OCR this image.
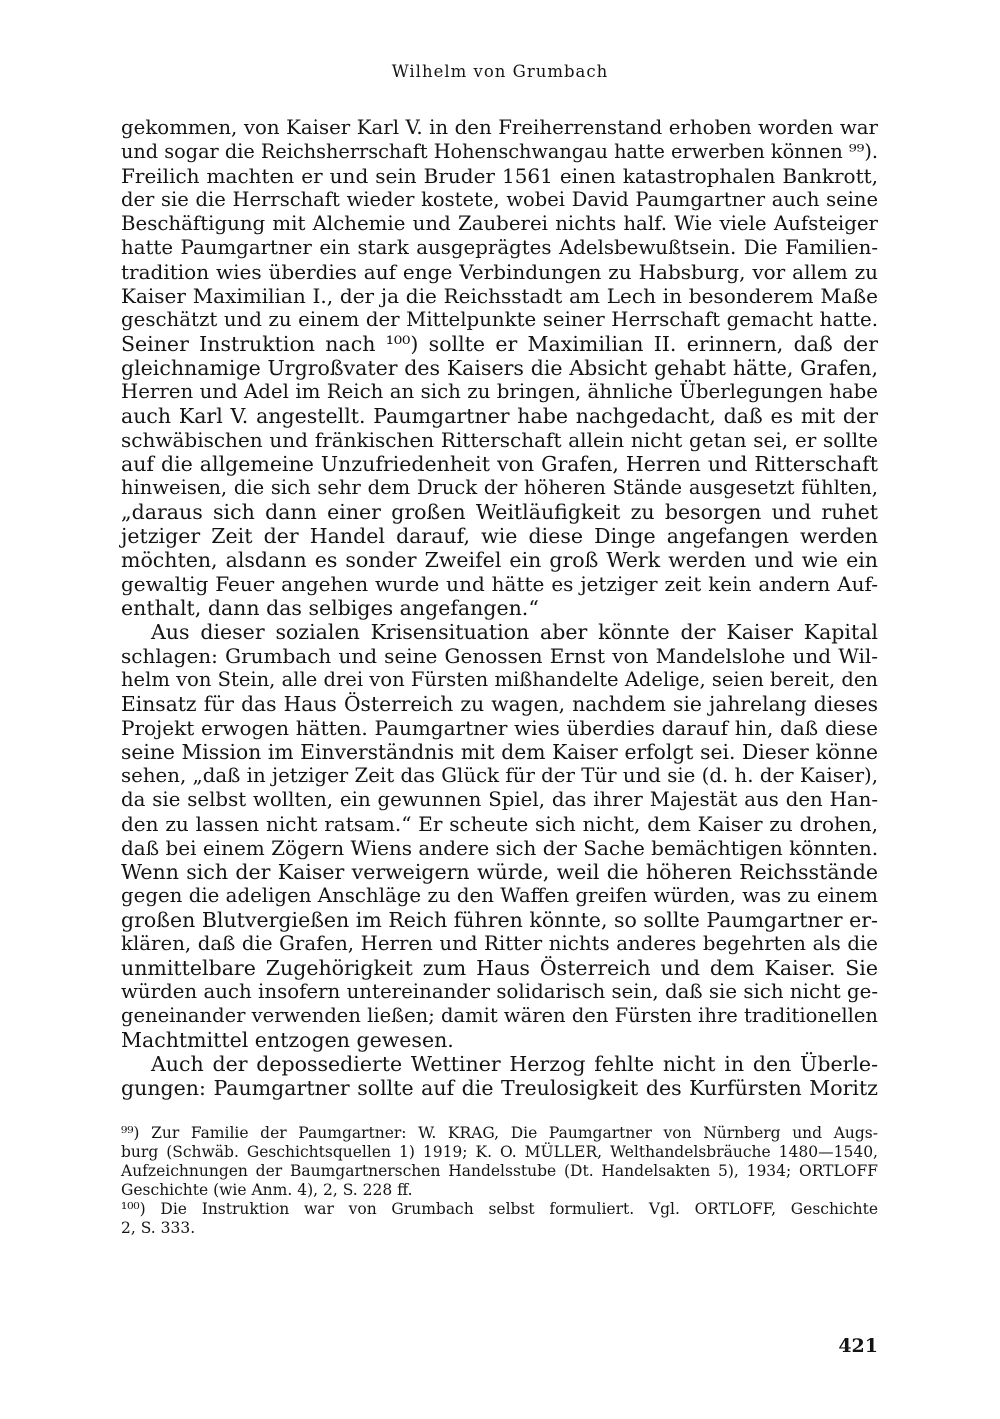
Wilhelm von Grumbach
gekommen, von Kaiser Karl V. in den Freiherrenstand erhoben worden war
und sogar die Reichsherrschaft Hohenschwangau hatte erwerben können ⁹⁹).
Freilich machten er und sein Bruder 1561 einen katastrophalen Bankrott,
der sie die Herrschaft wieder kostete, wobei David Paumgartner auch seine
Beschäftigung mit Alchemie und Zauberei nichts half. Wie viele Aufsteiger
hatte Paumgartner ein stark ausgeprägtes Adelsbewußtsein. Die Familien-
tradition wies überdies auf enge Verbindungen zu Habsburg, vor allem zu
Kaiser Maximilian I., der ja die Reichsstadt am Lech in besonderem Maße
geschätzt und zu einem der Mittelpunkte seiner Herrschaft gemacht hatte.
Seiner Instruktion nach ¹⁰⁰) sollte er Maximilian II. erinnern, daß der
gleichnamige Urgroßvater des Kaisers die Absicht gehabt hätte, Grafen,
Herren und Adel im Reich an sich zu bringen, ähnliche Überlegungen habe
auch Karl V. angestellt. Paumgartner habe nachgedacht, daß es mit der
schwäbischen und fränkischen Ritterschaft allein nicht getan sei, er sollte
auf die allgemeine Unzufriedenheit von Grafen, Herren und Ritterschaft
hinweisen, die sich sehr dem Druck der höheren Stände ausgesetzt fühlten,
„daraus sich dann einer großen Weitläufigkeit zu besorgen und ruhet
jetziger Zeit der Handel darauf, wie diese Dinge angefangen werden
möchten, alsdann es sonder Zweifel ein groß Werk werden und wie ein
gewaltig Feuer angehen wurde und hätte es jetziger zeit kein andern Auf-
enthalt, dann das selbiges angefangen.“
Aus dieser sozialen Krisensituation aber könnte der Kaiser Kapital
schlagen: Grumbach und seine Genossen Ernst von Mandelslohe und Wil-
helm von Stein, alle drei von Fürsten mißhandelte Adelige, seien bereit, den
Einsatz für das Haus Österreich zu wagen, nachdem sie jahrelang dieses
Projekt erwogen hätten. Paumgartner wies überdies darauf hin, daß diese
seine Mission im Einverständnis mit dem Kaiser erfolgt sei. Dieser könne
sehen, „daß in jetziger Zeit das Glück für der Tür und sie (d. h. der Kaiser),
da sie selbst wollten, ein gewunnen Spiel, das ihrer Majestät aus den Han-
den zu lassen nicht ratsam.“ Er scheute sich nicht, dem Kaiser zu drohen,
daß bei einem Zögern Wiens andere sich der Sache bemächtigen könnten.
Wenn sich der Kaiser verweigern würde, weil die höheren Reichsstände
gegen die adeligen Anschläge zu den Waffen greifen würden, was zu einem
großen Blutvergießen im Reich führen könnte, so sollte Paumgartner er-
klären, daß die Grafen, Herren und Ritter nichts anderes begehrten als die
unmittelbare Zugehörigkeit zum Haus Österreich und dem Kaiser. Sie
würden auch insofern untereinander solidarisch sein, daß sie sich nicht ge-
geneinander verwenden ließen; damit wären den Fürsten ihre traditionellen
Machtmittel entzogen gewesen.
Auch der depossedierte Wettiner Herzog fehlte nicht in den Überle-
gungen: Paumgartner sollte auf die Treulosigkeit des Kurfürsten Moritz
⁹⁹) Zur Familie der Paumgartner: W. KRAG, Die Paumgartner von Nürnberg und Augs-
burg (Schwäb. Geschichtsquellen 1) 1919; K. O. MÜLLER, Welthandelsbräuche 1480—1540,
Aufzeichnungen der Baumgartnerschen Handelsstube (Dt. Handelsakten 5), 1934; ORTLOFF
Geschichte (wie Anm. 4), 2, S. 228 ff.
¹⁰⁰) Die Instruktion war von Grumbach selbst formuliert. Vgl. ORTLOFF, Geschichte
2, S. 333.
421
